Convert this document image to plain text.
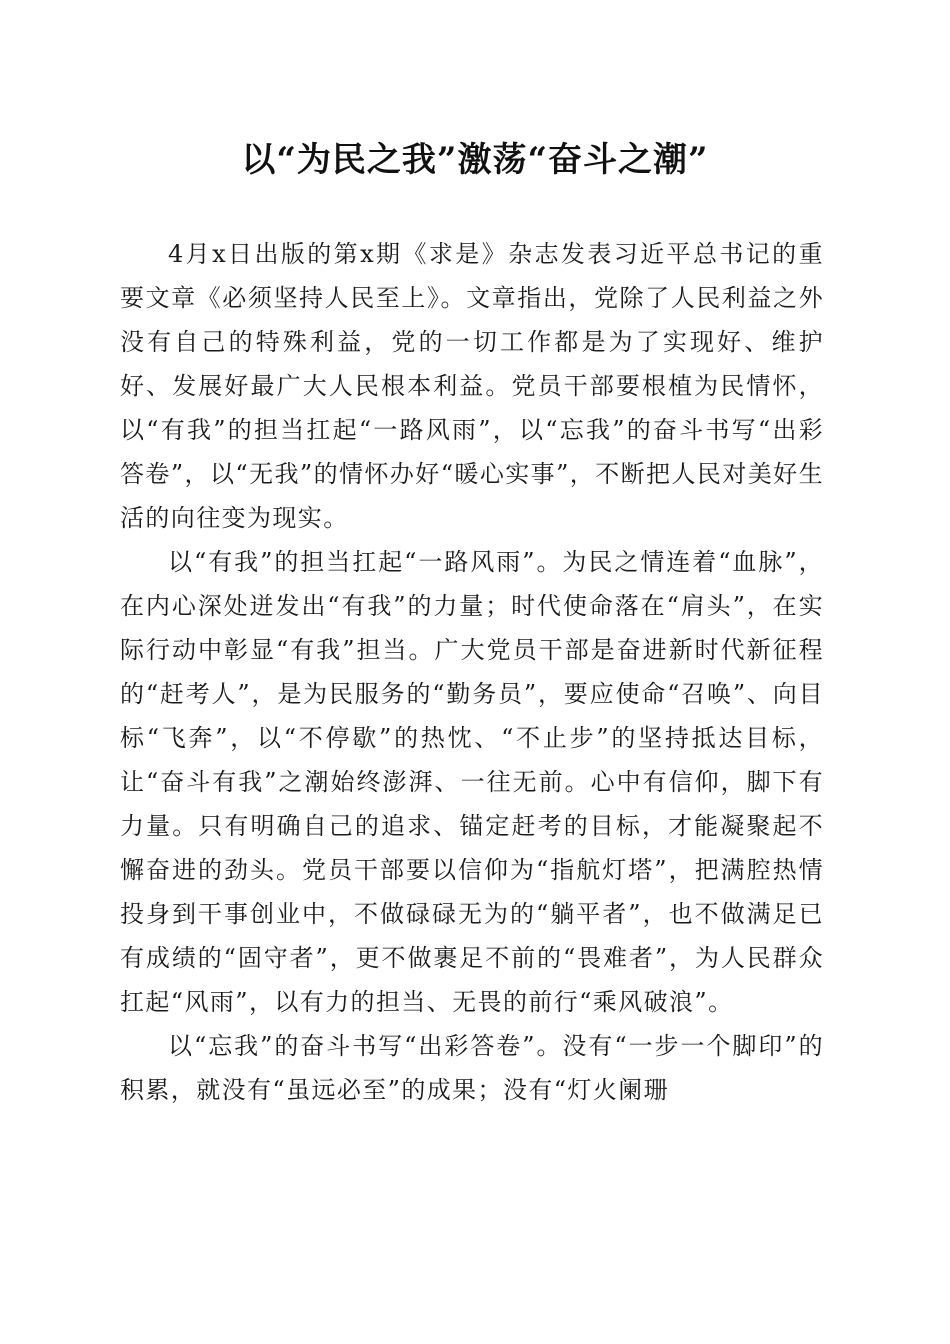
以“为民之我”激荡“奋斗之潮”

4月x日出版的第x期《求是》杂志发表习近平总书记的重要文章《必须坚持人民至上》。文章指出，党除了人民利益之外没有自己的特殊利益，党的一切工作都是为了实现好、维护好、发展好最广大人民根本利益。党员干部要根植为民情怀，以“有我”的担当扛起“一路风雨”，以“忘我”的奋斗书写“出彩答卷”，以“无我”的情怀办好“暖心实事”，不断把人民对美好生活的向往变为现实。

以“有我”的担当扛起“一路风雨”。为民之情连着“血脉”，在内心深处迸发出“有我”的力量；时代使命落在“肩头”，在实际行动中彰显“有我”担当。广大党员干部是奋进新时代新征程的“赶考人”，是为民服务的“勤务员”，要应使命“召唤”、向目标“飞奔”，以“不停歇”的热忱、“不止步”的坚持抵达目标，让“奋斗有我”之潮始终澎湃、一往无前。心中有信仰，脚下有力量。只有明确自己的追求、锚定赶考的目标，才能凝聚起不懈奋进的劲头。党员干部要以信仰为“指航灯塔”，把满腔热情投身到干事创业中，不做碌碌无为的“躺平者”，也不做满足已有成绩的“固守者”，更不做裹足不前的“畏难者”，为人民群众扛起“风雨”，以有力的担当、无畏的前行“乘风破浪”。

以“忘我”的奋斗书写“出彩答卷”。没有“一步一个脚印”的积累，就没有“虽远必至”的成果；没有“灯火阑珊
